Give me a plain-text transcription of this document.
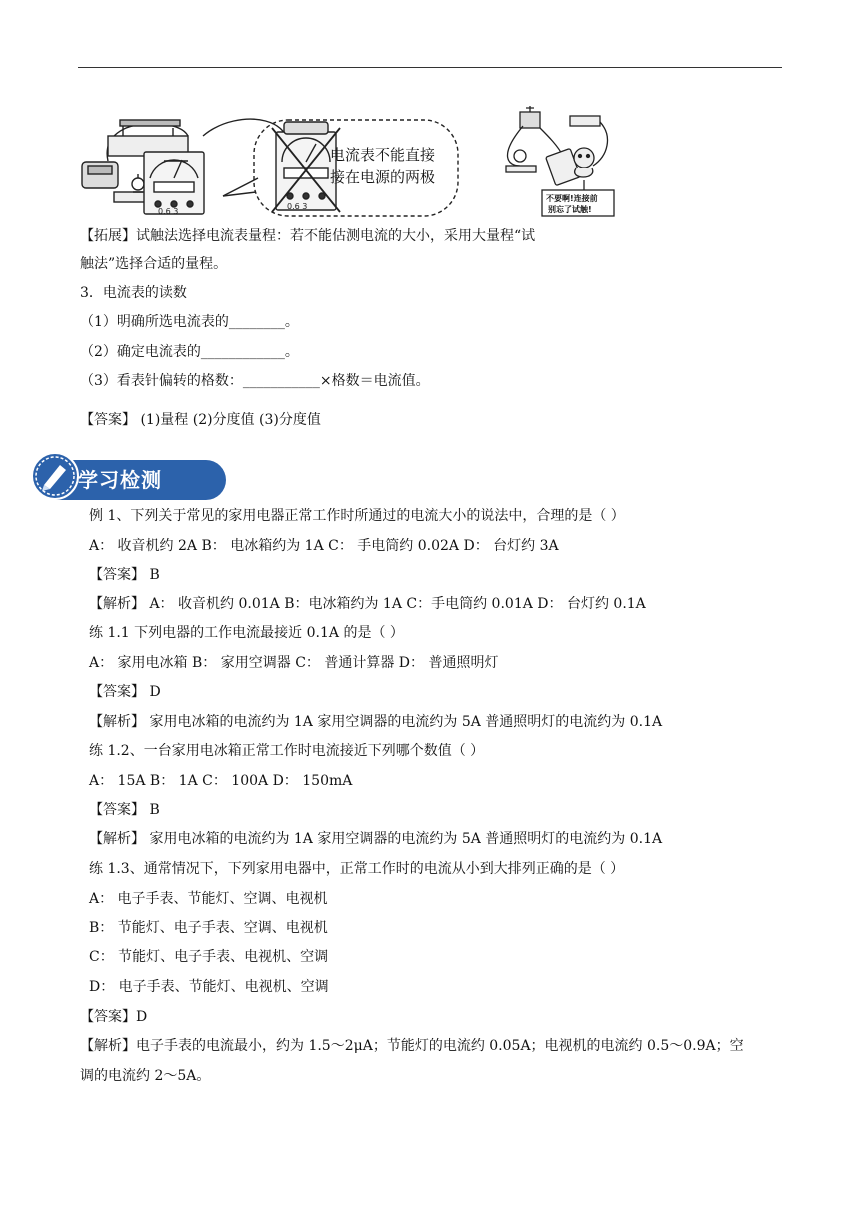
0.6 3
0.6 3
电流表不能直接
接在电源的两极
不要啊!连接前
别忘了试触!
【拓展】试触法选择电流表量程：若不能估测电流的大小，采用大量程“试
触法”选择合适的量程。
3．电流表的读数
（1）明确所选电流表的________。
（2）确定电流表的____________。
（3）看表针偏转的格数：___________×格数＝电流值。
【答案】 (1)量程 (2)分度值 (3)分度值
学习检测
例 1、下列关于常见的家用电器正常工作时所通过的电流大小的说法中，合理的是（ ）
A： 收音机约 2A B： 电冰箱约为 1A C： 手电筒约 0.02A D： 台灯约 3A
【答案】 B
【解析】 A： 收音机约 0.01A B：电冰箱约为 1A C：手电筒约 0.01A D： 台灯约 0.1A
练 1.1 下列电器的工作电流最接近 0.1A 的是（ ）
A： 家用电冰箱 B： 家用空调器 C： 普通计算器 D： 普通照明灯
【答案】 D
【解析】 家用电冰箱的电流约为 1A 家用空调器的电流约为 5A 普通照明灯的电流约为 0.1A
练 1.2、一台家用电冰箱正常工作时电流接近下列哪个数值（ ）
A： 15A B： 1A C： 100A D： 150mA
【答案】 B
【解析】 家用电冰箱的电流约为 1A 家用空调器的电流约为 5A 普通照明灯的电流约为 0.1A
练 1.3、通常情况下，下列家用电器中，正常工作时的电流从小到大排列正确的是（ ）
A： 电子手表、节能灯、空调、电视机
B： 节能灯、电子手表、空调、电视机
C： 节能灯、电子手表、电视机、空调
D： 电子手表、节能灯、电视机、空调
【答案】D
【解析】电子手表的电流最小，约为 1.5～2μA；节能灯的电流约 0.05A；电视机的电流约 0.5～0.9A；空
调的电流约 2～5A。
